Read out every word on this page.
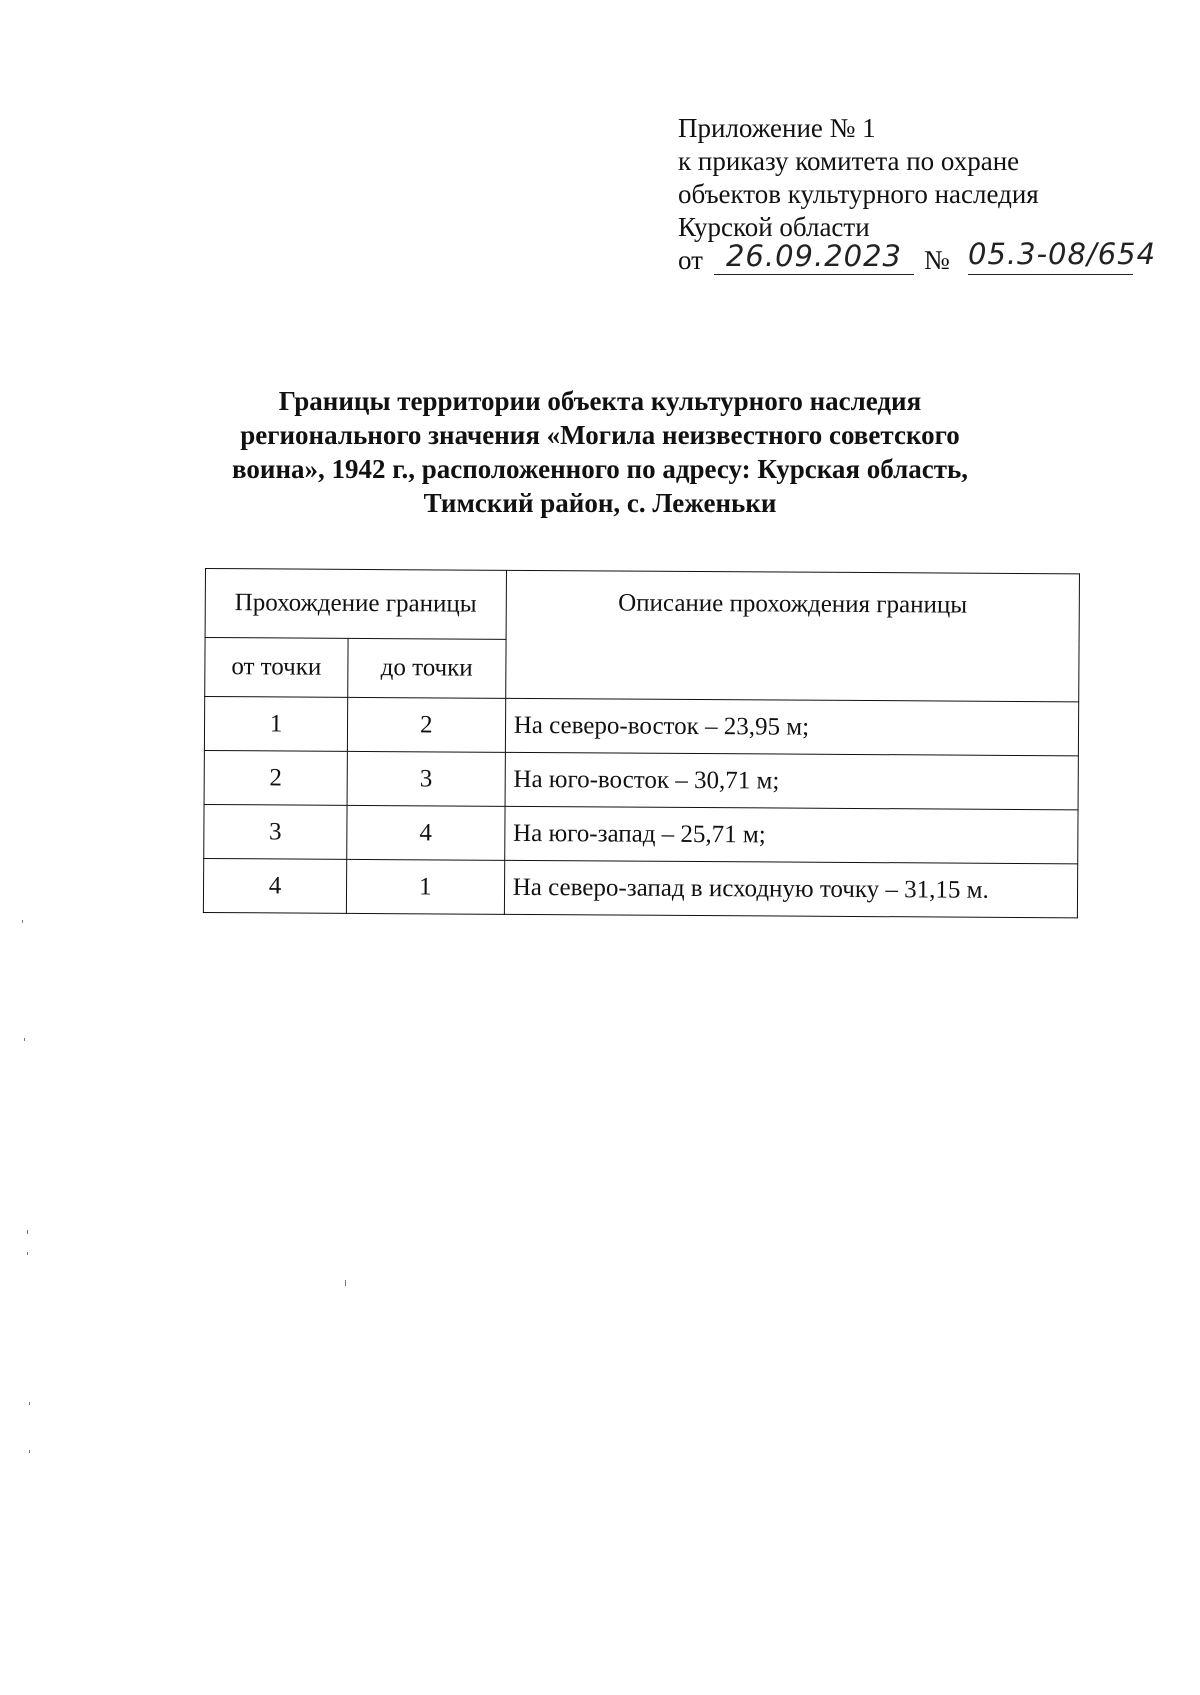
Приложение № 1
к приказу комитета по охране
объектов культурного наследия
Курской области
от 26.09.2023 № 05.3-08/654
Границы территории объекта культурного наследия
регионального значения «Могила неизвестного советского
воина», 1942 г., расположенного по адресу: Курская область,
Тимский район, с. Леженьки
Прохождение границы		Описание прохождения границы
от точки	до точки	
1	2	На северо-восток – 23,95 м;
2	3	На юго-восток – 30,71 м;
3	4	На юго-запад – 25,71 м;
4	1	На северо-запад в исходную точку – 31,15 м.
